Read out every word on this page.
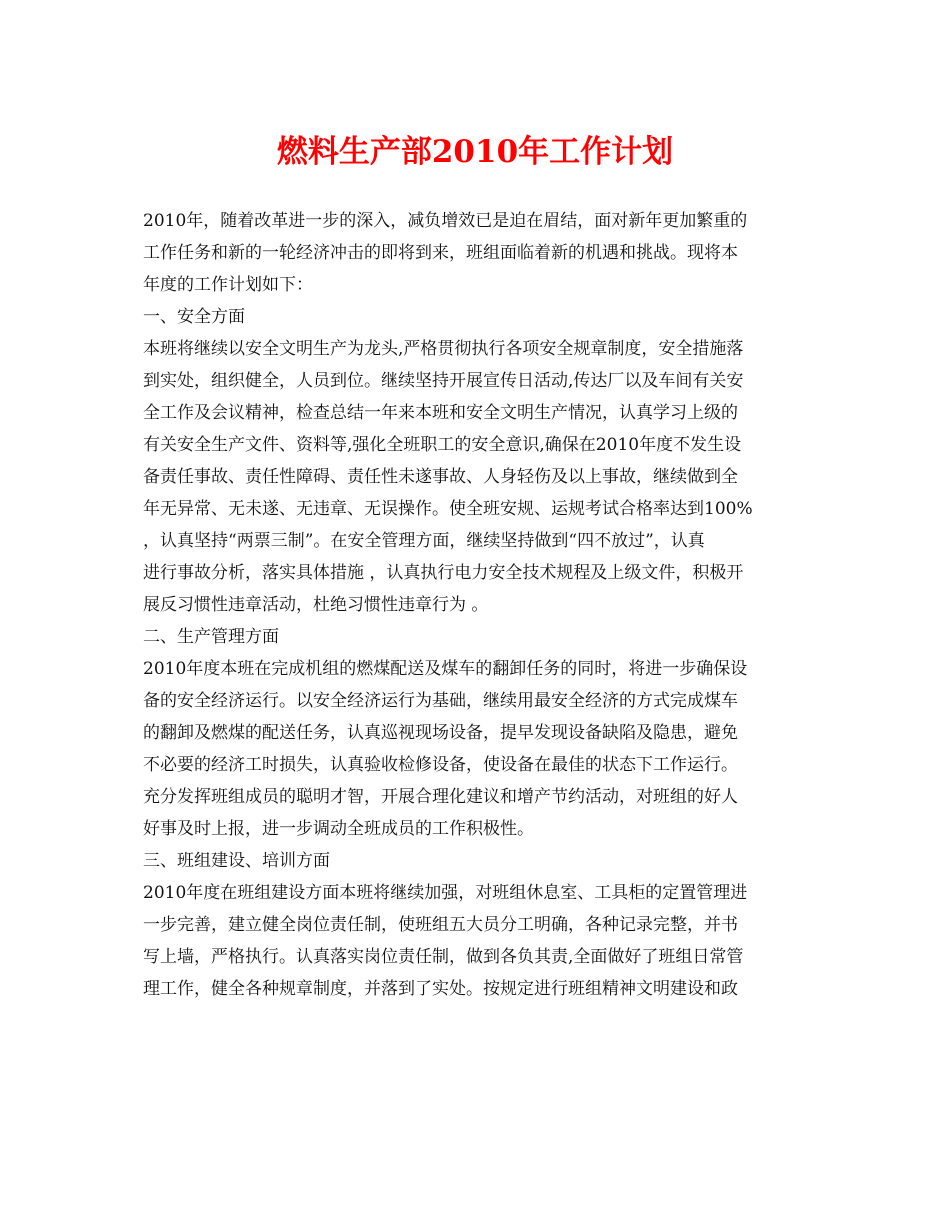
燃料生产部2010年工作计划
2010年，随着改革进一步的深入，减负增效已是迫在眉结，面对新年更加繁重的
工作任务和新的一轮经济冲击的即将到来，班组面临着新的机遇和挑战。现将本
年度的工作计划如下：
一、安全方面
本班将继续以安全文明生产为龙头,严格贯彻执行各项安全规章制度，安全措施落
到实处，组织健全，人员到位。继续坚持开展宣传日活动,传达厂以及车间有关安
全工作及会议精神，检查总结一年来本班和安全文明生产情况，认真学习上级的
有关安全生产文件、资料等,强化全班职工的安全意识,确保在2010年度不发生设
备责任事故、责任性障碍、责任性未遂事故、人身轻伤及以上事故，继续做到全
年无异常、无未遂、无违章、无误操作。使全班安规、运规考试合格率达到100%
，认真坚持“两票三制”。在安全管理方面，继续坚持做到“四不放过”，认真
进行事故分析，落实具体措施 ，认真执行电力安全技术规程及上级文件，积极开
展反习惯性违章活动，杜绝习惯性违章行为 。
二、生产管理方面
2010年度本班在完成机组的燃煤配送及煤车的翻卸任务的同时，将进一步确保设
备的安全经济运行。以安全经济运行为基础，继续用最安全经济的方式完成煤车
的翻卸及燃煤的配送任务，认真巡视现场设备，提早发现设备缺陷及隐患，避免
不必要的经济工时损失，认真验收检修设备，使设备在最佳的状态下工作运行。
充分发挥班组成员的聪明才智，开展合理化建议和增产节约活动，对班组的好人
好事及时上报，进一步调动全班成员的工作积极性。
三、班组建设、培训方面
2010年度在班组建设方面本班将继续加强，对班组休息室、工具柜的定置管理进
一步完善，建立健全岗位责任制，使班组五大员分工明确，各种记录完整，并书
写上墙，严格执行。认真落实岗位责任制，做到各负其责,全面做好了班组日常管
理工作，健全各种规章制度，并落到了实处。按规定进行班组精神文明建设和政
